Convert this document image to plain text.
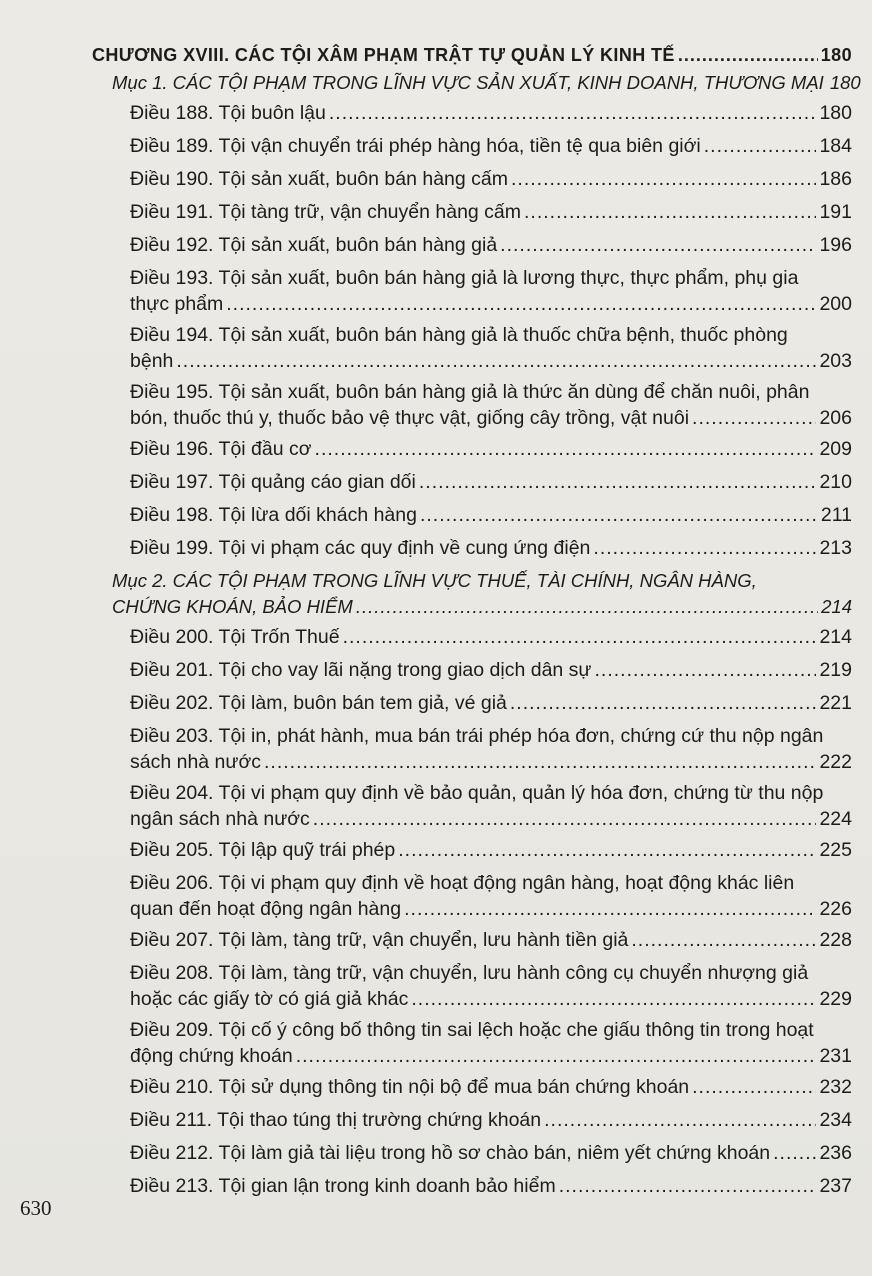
CHƯƠNG XVIII. CÁC TỘI XÂM PHẠM TRẬT TỰ QUẢN LÝ KINH TẾ .....	180
Mục 1. CÁC TỘI PHẠM TRONG LĨNH VỰC SẢN XUẤT, KINH DOANH, THƯƠNG MẠI 180
Điều 188. Tội buôn lậu .....	180
Điều 189. Tội vận chuyển trái phép hàng hóa, tiền tệ qua biên giới .....	184
Điều 190. Tội sản xuất, buôn bán hàng cấm .....	186
Điều 191. Tội tàng trữ, vận chuyển hàng cấm .....	191
Điều 192. Tội sản xuất, buôn bán hàng giả .....	196
Điều 193. Tội sản xuất, buôn bán hàng giả là lương thực, thực phẩm, phụ gia
thực phẩm .....	200
Điều 194. Tội sản xuất, buôn bán hàng giả là thuốc chữa bệnh, thuốc phòng
bệnh .....	203
Điều 195. Tội sản xuất, buôn bán hàng giả là thức ăn dùng để chăn nuôi, phân
bón, thuốc thú y, thuốc bảo vệ thực vật, giống cây trồng, vật nuôi .....	206
Điều 196. Tội đầu cơ .....	209
Điều 197. Tội quảng cáo gian dối .....	210
Điều 198. Tội lừa dối khách hàng .....	211
Điều 199. Tội vi phạm các quy định về cung ứng điện .....	213
Mục 2. CÁC TỘI PHẠM TRONG LĨNH VỰC THUẾ, TÀI CHÍNH, NGÂN HÀNG,
CHỨNG KHOÁN, BẢO HIỂM .....	214
Điều 200. Tội Trốn Thuế .....	214
Điều 201. Tội cho vay lãi nặng trong giao dịch dân sự .....	219
Điều 202. Tội làm, buôn bán tem giả, vé giả .....	221
Điều 203. Tội in, phát hành, mua bán trái phép hóa đơn, chứng cứ thu nộp ngân
sách nhà nước .....	222
Điều 204. Tội vi phạm quy định về bảo quản, quản lý hóa đơn, chứng từ thu nộp
ngân sách nhà nước .....	224
Điều 205. Tội lập quỹ trái phép .....	225
Điều 206. Tội vi phạm quy định về hoạt động ngân hàng, hoạt động khác liên
quan đến hoạt động ngân hàng .....	226
Điều 207. Tội làm, tàng trữ, vận chuyển, lưu hành tiền giả .....	228
Điều 208. Tội làm, tàng trữ, vận chuyển, lưu hành công cụ chuyển nhượng giả
hoặc các giấy tờ có giá giả khác .....	229
Điều 209. Tội cố ý công bố thông tin sai lệch hoặc che giấu thông tin trong hoạt
động chứng khoán .....	231
Điều 210. Tội sử dụng thông tin nội bộ để mua bán chứng khoán .....	232
Điều 211. Tội thao túng thị trường chứng khoán .....	234
Điều 212. Tội làm giả tài liệu trong hồ sơ chào bán, niêm yết chứng khoán .....	236
Điều 213. Tội gian lận trong kinh doanh bảo hiểm .....	237
630
